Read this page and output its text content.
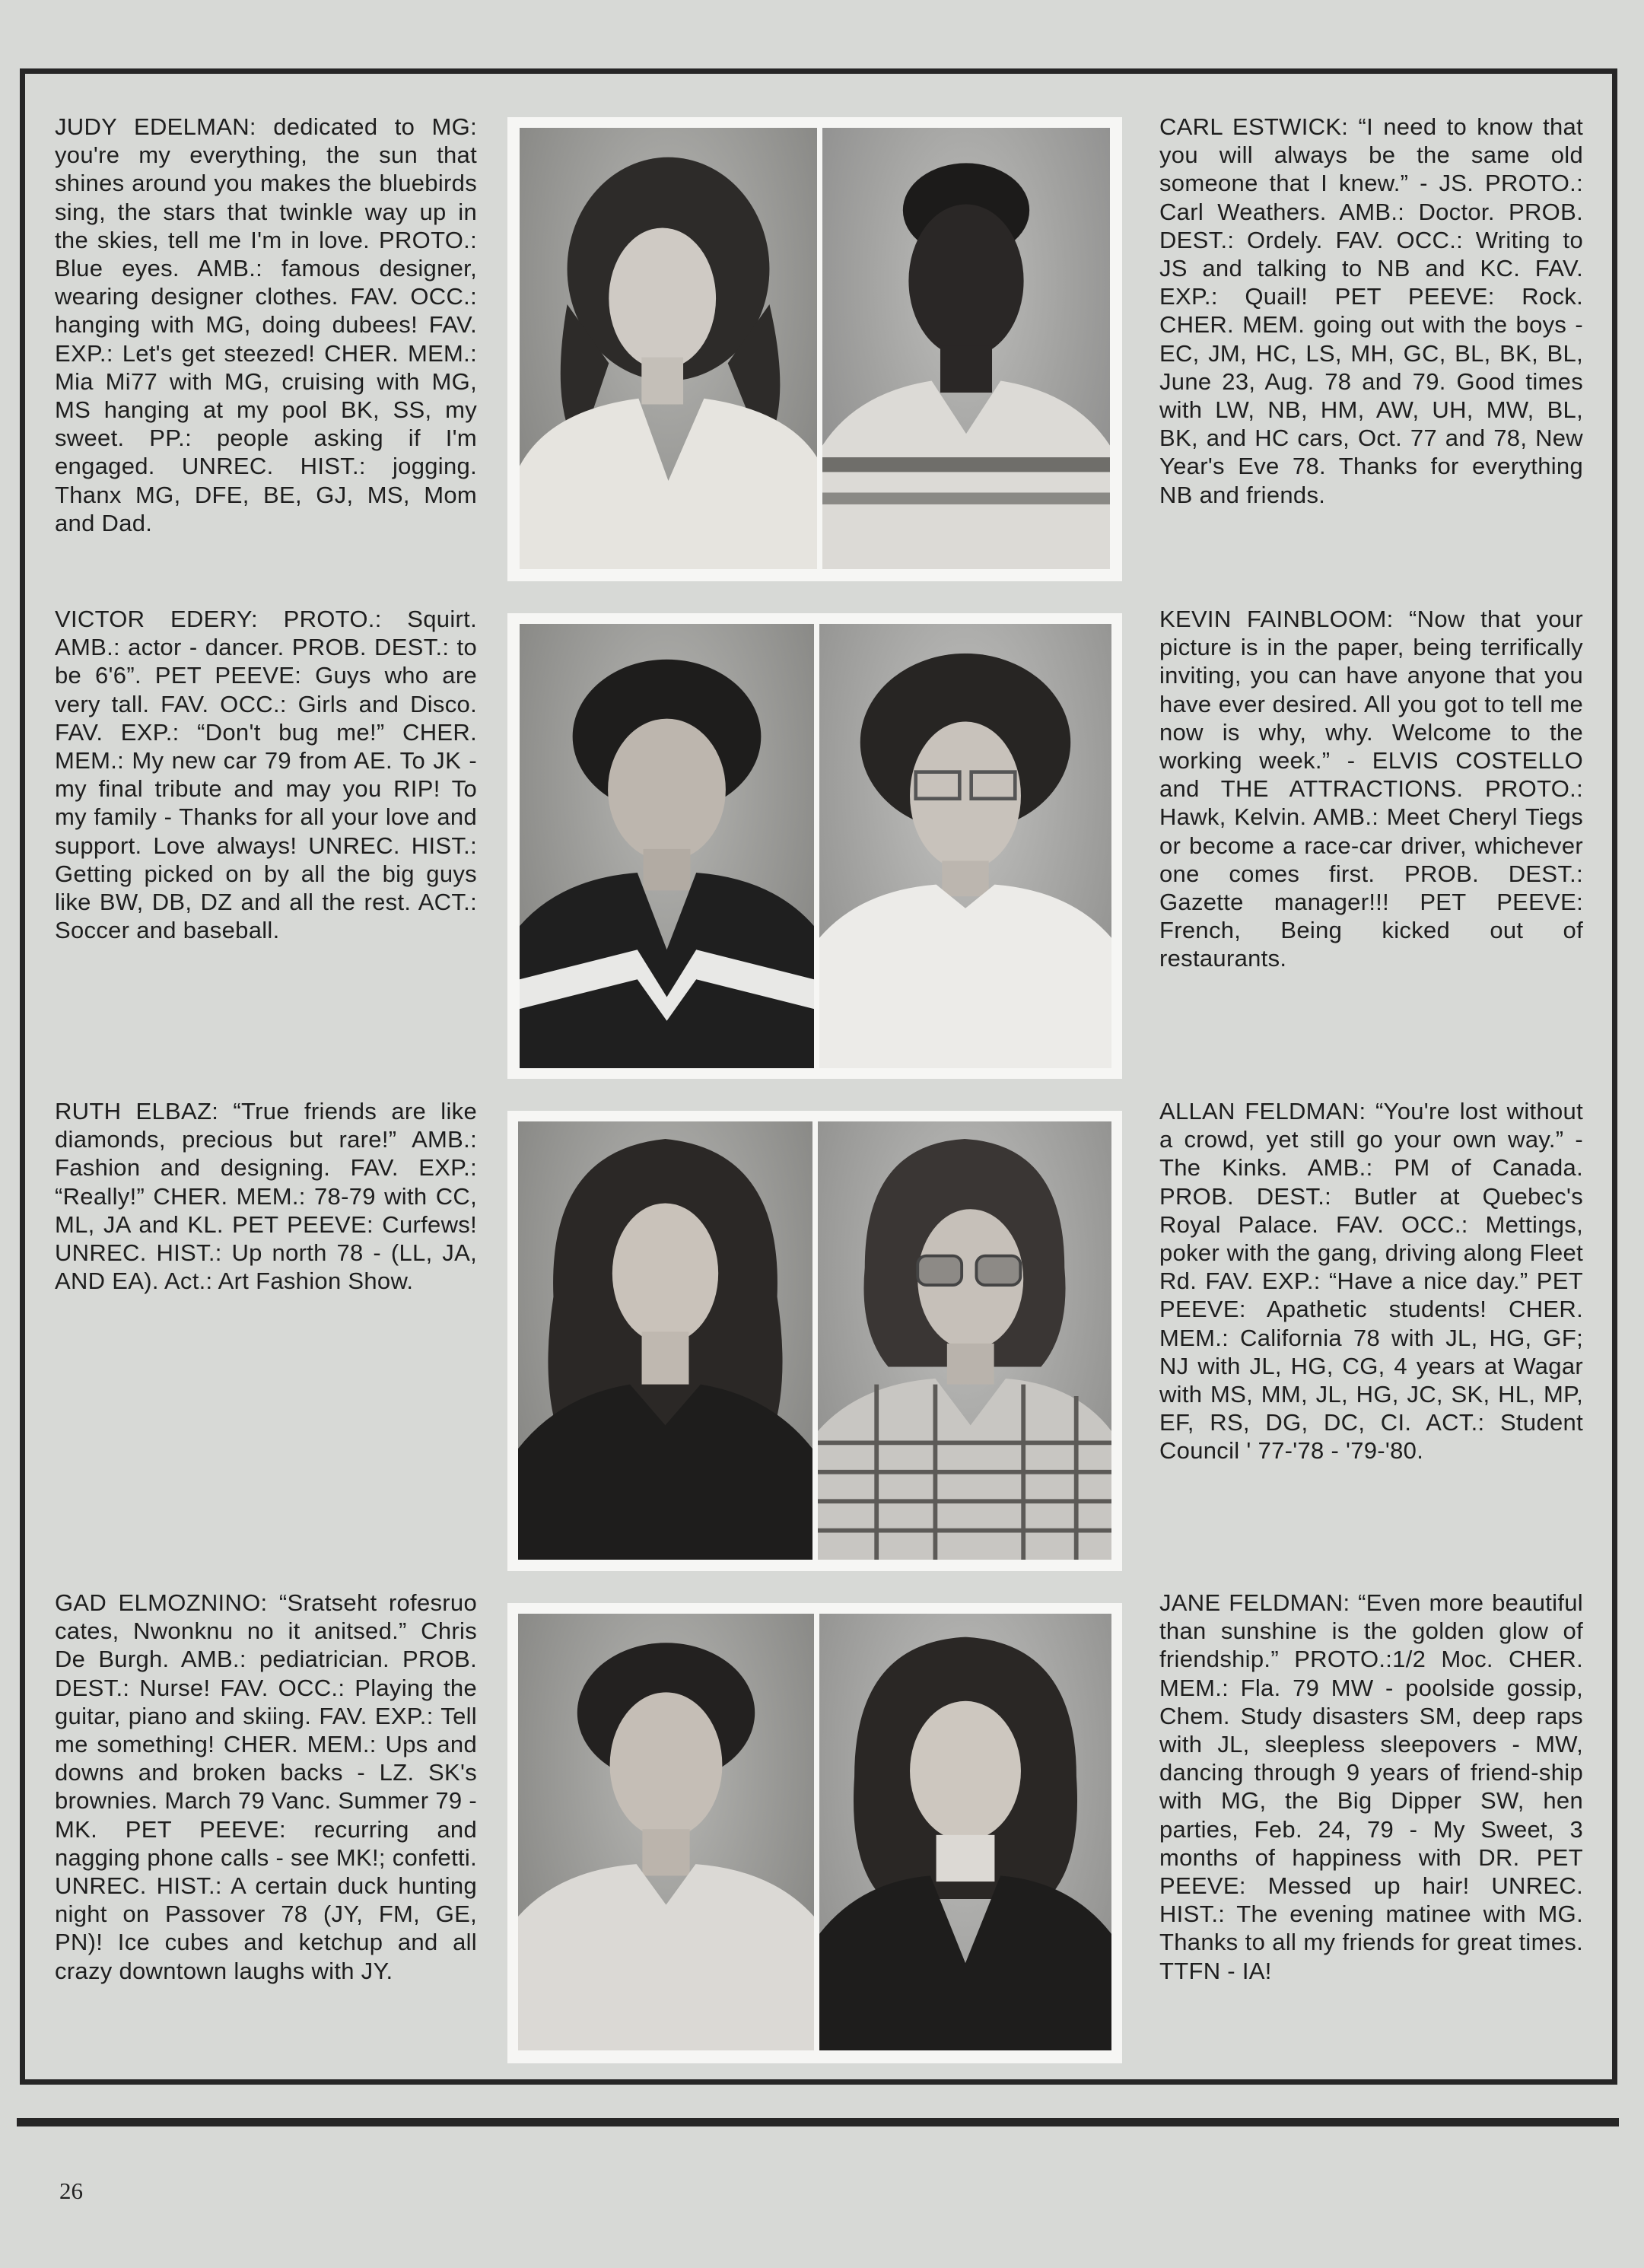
JUDY EDELMAN: dedicated to MG: you're my everything, the sun that shines around you makes the bluebirds sing, the stars that twinkle way up in the skies, tell me I'm in love. PROTO.: Blue eyes. AMB.: famous designer, wearing designer clothes. FAV. OCC.: hanging with MG, doing dubees! FAV. EXP.: Let's get steezed! CHER. MEM.: Mia Mi77 with MG, cruising with MG, MS hanging at my pool BK, SS, my sweet. PP.: people asking if I'm engaged. UNREC. HIST.: jogging. Thanx MG, DFE, BE, GJ, MS, Mom and Dad.
CARL ESTWICK: “I need to know that you will always be the same old someone that I knew.” - JS. PROTO.: Carl Weathers. AMB.: Doctor. PROB. DEST.: Ordely. FAV. OCC.: Writing to JS and talking to NB and KC. FAV. EXP.: Quail! PET PEEVE: Rock. CHER. MEM. going out with the boys - EC, JM, HC, LS, MH, GC, BL, BK, BL, June 23, Aug. 78 and 79. Good times with LW, NB, HM, AW, UH, MW, BL, BK, and HC cars, Oct. 77 and 78, New Year's Eve 78. Thanks for everything NB and friends.
VICTOR EDERY: PROTO.: Squirt. AMB.: actor - dancer. PROB. DEST.: to be 6'6”. PET PEEVE: Guys who are very tall. FAV. OCC.: Girls and Disco. FAV. EXP.: “Don't bug me!” CHER. MEM.: My new car 79 from AE. To JK - my final tribute and may you RIP! To my family - Thanks for all your love and support. Love always! UNREC. HIST.: Getting picked on by all the big guys like BW, DB, DZ and all the rest. ACT.: Soccer and baseball.
KEVIN FAINBLOOM: “Now that your picture is in the paper, being terrifically inviting, you can have anyone that you have ever desired. All you got to tell me now is why, why. Welcome to the working week.” - ELVIS COSTELLO and THE ATTRACTIONS. PROTO.: Hawk, Kelvin. AMB.: Meet Cheryl Tiegs or become a race-car driver, whichever one comes first. PROB. DEST.: Gazette manager!!! PET PEEVE: French, Being kicked out of restaurants.
RUTH ELBAZ: “True friends are like diamonds, precious but rare!” AMB.: Fashion and designing. FAV. EXP.: “Really!” CHER. MEM.: 78-79 with CC, ML, JA and KL. PET PEEVE: Curfews! UNREC. HIST.: Up north 78 - (LL, JA, AND EA). Act.: Art Fashion Show.
ALLAN FELDMAN: “You're lost without a crowd, yet still go your own way.” - The Kinks. AMB.: PM of Canada. PROB. DEST.: Butler at Quebec's Royal Palace. FAV. OCC.: Mettings, poker with the gang, driving along Fleet Rd. FAV. EXP.: “Have a nice day.” PET PEEVE: Apathetic students! CHER. MEM.: California 78 with JL, HG, GF; NJ with JL, HG, CG, 4 years at Wagar with MS, MM, JL, HG, JC, SK, HL, MP, EF, RS, DG, DC, CI. ACT.: Student Council ' 77-'78 - '79-'80.
GAD ELMOZNINO: “Sratseht rofesruo cates, Nwonknu no it anitsed.” Chris De Burgh. AMB.: pediatrician. PROB. DEST.: Nurse! FAV. OCC.: Playing the guitar, piano and skiing. FAV. EXP.: Tell me something! CHER. MEM.: Ups and downs and broken backs - LZ. SK's brownies. March 79 Vanc. Summer 79 - MK. PET PEEVE: recurring and nagging phone calls - see MK!; confetti. UNREC. HIST.: A certain duck hunting night on Passover 78 (JY, FM, GE, PN)! Ice cubes and ketchup and all crazy downtown laughs with JY.
JANE FELDMAN: “Even more beautiful than sunshine is the golden glow of friendship.” PROTO.:1/2 Moc. CHER. MEM.: Fla. 79 MW - poolside gossip, Chem. Study disasters SM, deep raps with JL, sleepless sleepovers - MW, dancing through 9 years of friend-ship with MG, the Big Dipper SW, hen parties, Feb. 24, 79 - My Sweet, 3 months of happiness with DR. PET PEEVE: Messed up hair! UNREC. HIST.: The evening matinee with MG. Thanks to all my friends for great times. TTFN - IA!
26
